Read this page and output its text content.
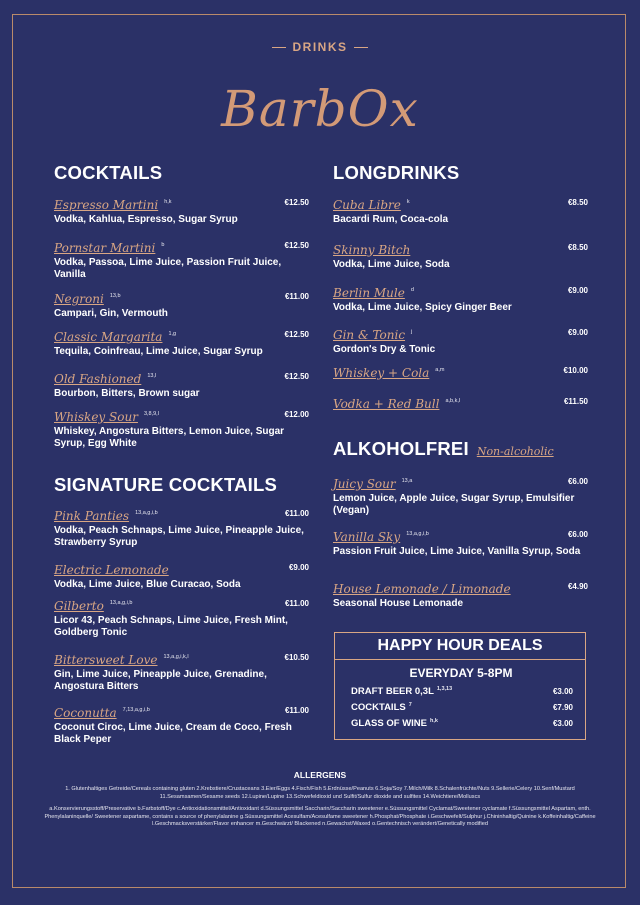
DRINKS
BarbOx
COCKTAILS
Espresso Martini $^{h,k}$
Vodka, Kahlua, Espresso, Sugar Syrup
€12.50
Pornstar Martini $^b$
Vodka, Passoa, Lime Juice, Passion Fruit Juice, Vanilla
€12.50
Negroni $^{13,b}$
Campari, Gin, Vermouth
€11.00
Classic Margarita $^{1,g}$
Tequila, Coinfreau, Lime Juice, Sugar Syrup
€12.50
Old Fashioned $^{13,l}$
Bourbon, Bitters, Brown sugar
€12.50
Whiskey Sour $^{3,8,9,l}$
Whiskey, Angostura Bitters, Lemon Juice, Sugar Syrup, Egg White
€12.00
SIGNATURE COCKTAILS
Pink Panties $^{13,a,g,i,b}$
Vodka, Peach Schnaps, Lime Juice, Pineapple Juice, Strawberry Syrup
€11.00
Electric Lemonade
Vodka, Lime Juice, Blue Curacao, Soda
€9.00
Gilberto $^{13,a,g,i,b}$
Licor 43, Peach Schnaps, Lime Juice, Fresh Mint, Goldberg Tonic
€11.00
Bittersweet Love $^{13,a,g,i,k,l}$
Gin, Lime Juice, Pineapple Juice, Grenadine, Angostura Bitters
€10.50
Coconutta $^{7,13,a,g,i,b}$
Coconut Ciroc, Lime Juice, Cream de Coco, Fresh Black Peper
€11.00
LONGDRINKS
Cuba Libre $^k$
Bacardi Rum, Coca-cola
€8.50
Skinny Bitch
Vodka, Lime Juice, Soda
€8.50
Berlin Mule $^d$
Vodka, Lime Juice, Spicy Ginger Beer
€9.00
Gin & Tonic $^j$
Gordon's Dry & Tonic
€9.00
Whiskey + Cola $^{a,m}$	€10.00
Vodka + Red Bull $^{a,b,k,l}$	€11.50
ALKOHOLFREI Non-alcoholic
Juicy Sour $^{13,a}$
Lemon Juice, Apple Juice, Sugar Syrup, Emulsifier (Vegan)
€6.00
Vanilla Sky $^{13,a,g,i,b}$
Passion Fruit Juice, Lime Juice, Vanilla Syrup, Soda
€6.00
House Lemonade / Limonade
Seasonal House Lemonade
€4.90
HAPPY HOUR DEALS
EVERYDAY 5-8PM
DRAFT BEER 0,3L $^{1,3,13}$	€3.00
COCKTAILS $^7$	€7.90
GLASS OF WINE $^{h,k}$	€3.00
ALLERGENS
1. Glutenhaltiges Getreide/Cereals containing gluten 2.Krebstiere/Crustaceans 3.Eier/Eggs 4.Fisch/Fish 5.Erdnüsse/Peanuts 6.Soja/Soy 7.Milch/Milk 8.Schalenfrüchte/Nuts 9.Sellerie/Celery 10.Senf/Mustard 11.Sesamsamen/Sesame seeds 12.Lupine/Lupine 13.Schwefeldioxid und Sulfit/Sulfur dioxide and sulfites 14.Weichtiere/Molluscs
a.Konservierungsstoff/Preservative b.Farbstoff/Dye c.Antioxidationsmittel/Antioxidant d.Süssungsmittel Saccharin/Saccharin sweetener e.Süssungsmittel Cyclamat/Sweetener cyclamate f.Süssungsmittel Aspartam, enth. Phenylalaninquelle/ Sweetener aspartame, contains a source of phenylalanine g.Süssungsmittel Acesulfam/Acesulfame sweetener h.Phosphat/Phosphate i.Geschwefelt/Sulphur j.Chininhaltig/Quinine k.Koffeinhaltig/Caffeine l.Geschmacksverstärker/Flavor enhancer m.Geschwärzt/ Blackened n.Gewachst/Waxed o.Gentechnisch verändert/Genetically modified
